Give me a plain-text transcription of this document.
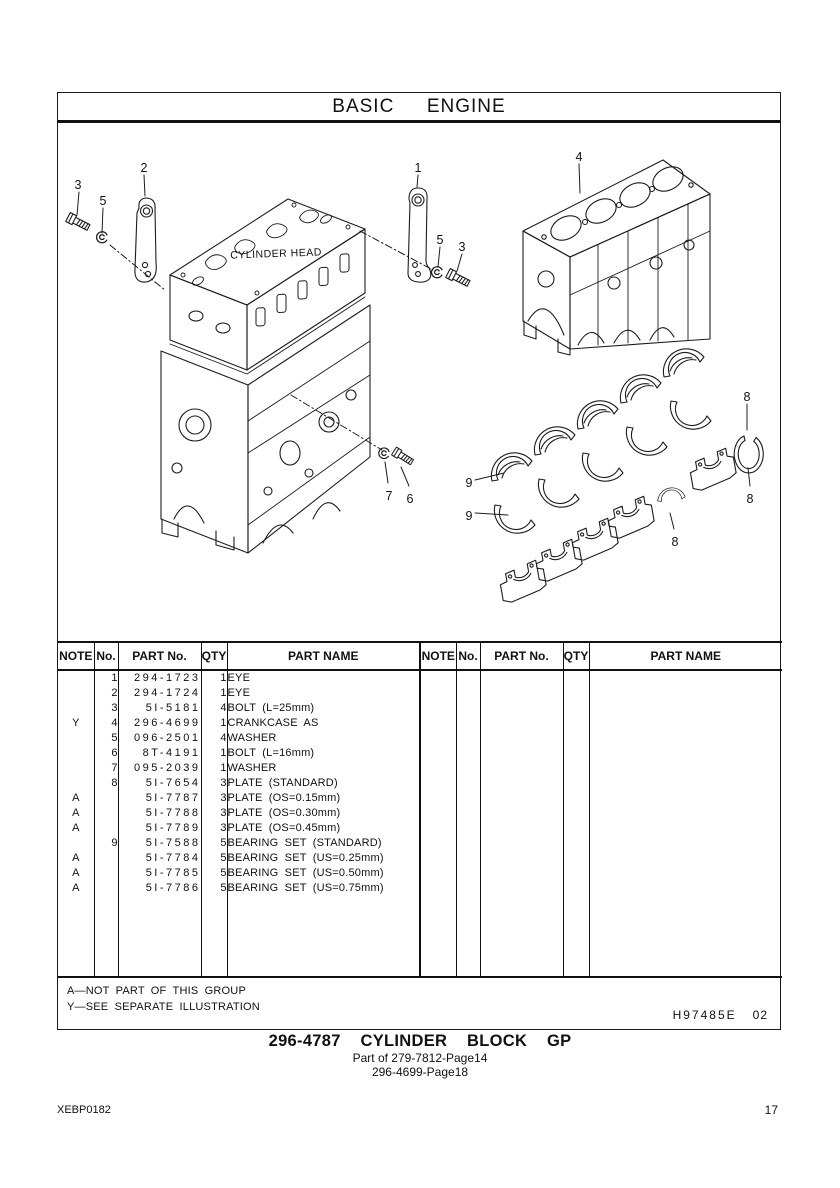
BASIC  ENGINE
3
5
2	1
5 3
4
7 6
9
9
8
8
8
CYLINDER HEAD
NOTE	No.	PART No.	QTY	PART NAME	NOTE	No.	PART No.	QTY	PART NAME
	1	294-1723	1	EYE					
	2	294-1724	1	EYE					
	3	5I-5181	4	BOLT (L=25mm)					
Y	4	296-4699	1	CRANKCASE AS					
	5	096-2501	4	WASHER					
	6	8T-4191	1	BOLT (L=16mm)					
	7	095-2039	1	WASHER					
	8	5I-7654	3	PLATE (STANDARD)					
A		5I-7787	3	PLATE (OS=0.15mm)					
A		5I-7788	3	PLATE (OS=0.30mm)					
A		5I-7789	3	PLATE (OS=0.45mm)					
	9	5I-7588	5	BEARING SET (STANDARD)					
A		5I-7784	5	BEARING SET (US=0.25mm)					
A		5I-7785	5	BEARING SET (US=0.50mm)					
A		5I-7786	5	BEARING SET (US=0.75mm)					

A—NOT PART OF THIS GROUP
Y—SEE SEPARATE ILLUSTRATION
H97485E 02
296-4787  CYLINDER  BLOCK  GP
Part of 279-7812-Page14
296-4699-Page18
XEBP0182	17
